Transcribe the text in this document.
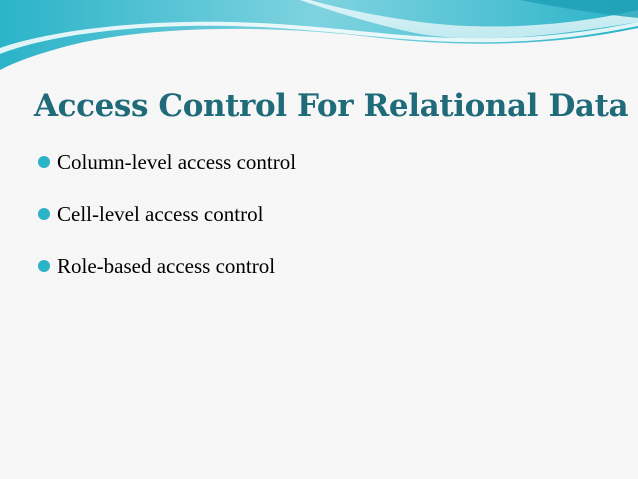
Access Control For Relational Data
Column-level access control
Cell-level access control
Role-based access control
